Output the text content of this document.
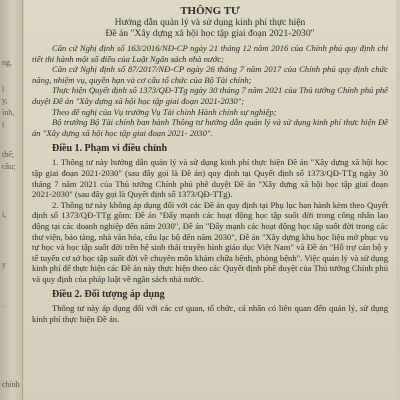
ng,
ị
y,
ính,
i
thể;
cầu;
i,
y
.
chính
THÔNG TƯ
Hướng dẫn quản lý và sử dụng kinh phí thực hiện
Đề án "Xây dựng xã hội học tập giai đoạn 2021-2030"
Căn cứ Nghị định số 163/2016/NĐ-CP ngày 21 tháng 12 năm 2016 của Chính phủ quy định chi tiết thi hành một số điều của Luật Ngân sách nhà nước;
Căn cứ Nghị định số 87/2017/NĐ-CP ngày 26 tháng 7 năm 2017 của Chính phủ quy định chức năng, nhiệm vụ, quyền hạn và cơ cấu tổ chức của Bộ Tài chính;
Thực hiện Quyết định số 1373/QĐ-TTg ngày 30 tháng 7 năm 2021 của Thủ tướng Chính phủ phê duyệt Đề án "Xây dựng xã hội học tập giai đoạn 2021-2030";
Theo đề nghị của Vụ trưởng Vụ Tài chính Hành chính sự nghiệp;
Bộ trưởng Bộ Tài chính ban hành Thông tư hướng dẫn quản lý và sử dụng kinh phí thực hiện Đề án "Xây dựng xã hội học tập giai đoạn 2021- 2030".
Điều 1. Phạm vi điều chỉnh
1. Thông tư này hướng dẫn quản lý và sử dụng kinh phí thực hiện Đề án "Xây dựng xã hội học tập giai đoạn 2021-2030" (sau đây gọi là Đề án) quy định tại Quyết định số 1373/QĐ-TTg ngày 30 tháng 7 năm 2021 của Thủ tướng Chính phủ phê duyệt Đề án "Xây dựng xã hội học tập giai đoạn 2021-2030" (sau đây gọi là Quyết định số 1373/QĐ-TTg).
2. Thông tư này không áp dụng đối với các Đề án quy định tại Phụ lục ban hành kèm theo Quyết định số 1373/QĐ-TTg gồm: Đề án "Đẩy mạnh các hoạt động học tập suốt đời trong công nhân lao động tại các doanh nghiệp đến năm 2030", Đề án "Đẩy mạnh các hoạt động học tập suốt đời trong các thư viện, bảo tàng, nhà văn hóa, câu lạc bộ đến năm 2030", Đề án "Xây dựng khu học liệu mở phục vụ tự học và học tập suốt đời trên hệ sinh thái truyền hình giáo dục Việt Nam" và Đề án "Hỗ trợ cán bộ y tế tuyến cơ sở học tập suốt đời về chuyên môn khám chữa bệnh, phòng bệnh". Việc quản lý và sử dụng kinh phí để thực hiện các Đề án này thực hiện theo các Quyết định phê duyệt của Thủ tướng Chính phủ và quy định của pháp luật về ngân sách nhà nước.
Điều 2. Đối tượng áp dụng
Thông tư này áp dụng đối với các cơ quan, tổ chức, cá nhân có liên quan đến quản lý, sử dụng kinh phí thực hiện Đề án.
